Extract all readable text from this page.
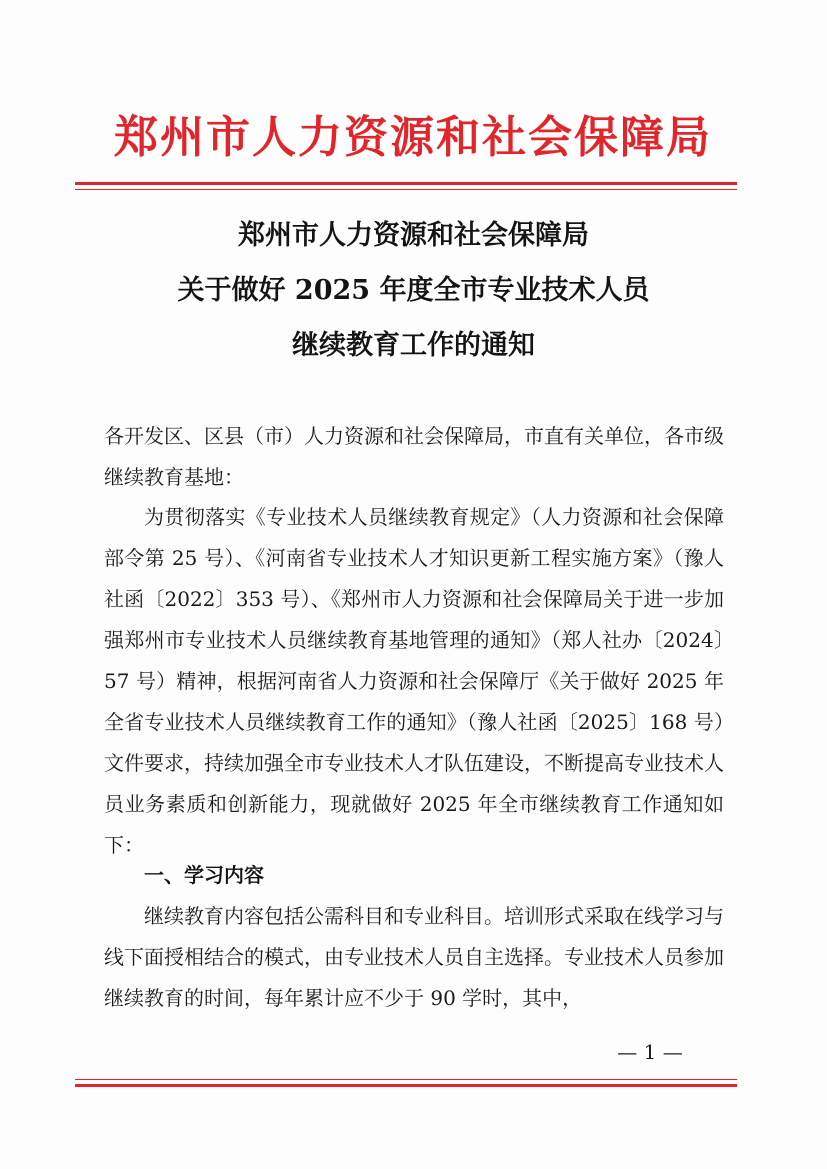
郑州市人力资源和社会保障局
郑州市人力资源和社会保障局
关于做好 2025 年度全市专业技术人员
继续教育工作的通知
各开发区、区县（市）人力资源和社会保障局，市直有关单位，各市级继续教育基地：
为贯彻落实《专业技术人员继续教育规定》（人力资源和社会保障部令第 25 号）、《河南省专业技术人才知识更新工程实施方案》（豫人社函〔2022〕353 号）、《郑州市人力资源和社会保障局关于进一步加强郑州市专业技术人员继续教育基地管理的通知》（郑人社办〔2024〕57 号）精神，根据河南省人力资源和社会保障厅《关于做好 2025 年全省专业技术人员继续教育工作的通知》（豫人社函〔2025〕168 号）文件要求，持续加强全市专业技术人才队伍建设，不断提高专业技术人员业务素质和创新能力，现就做好 2025 年全市继续教育工作通知如下：
一、学习内容
继续教育内容包括公需科目和专业科目。培训形式采取在线学习与线下面授相结合的模式，由专业技术人员自主选择。专业技术人员参加继续教育的时间，每年累计应不少于 90 学时，其中，
— 1 —
